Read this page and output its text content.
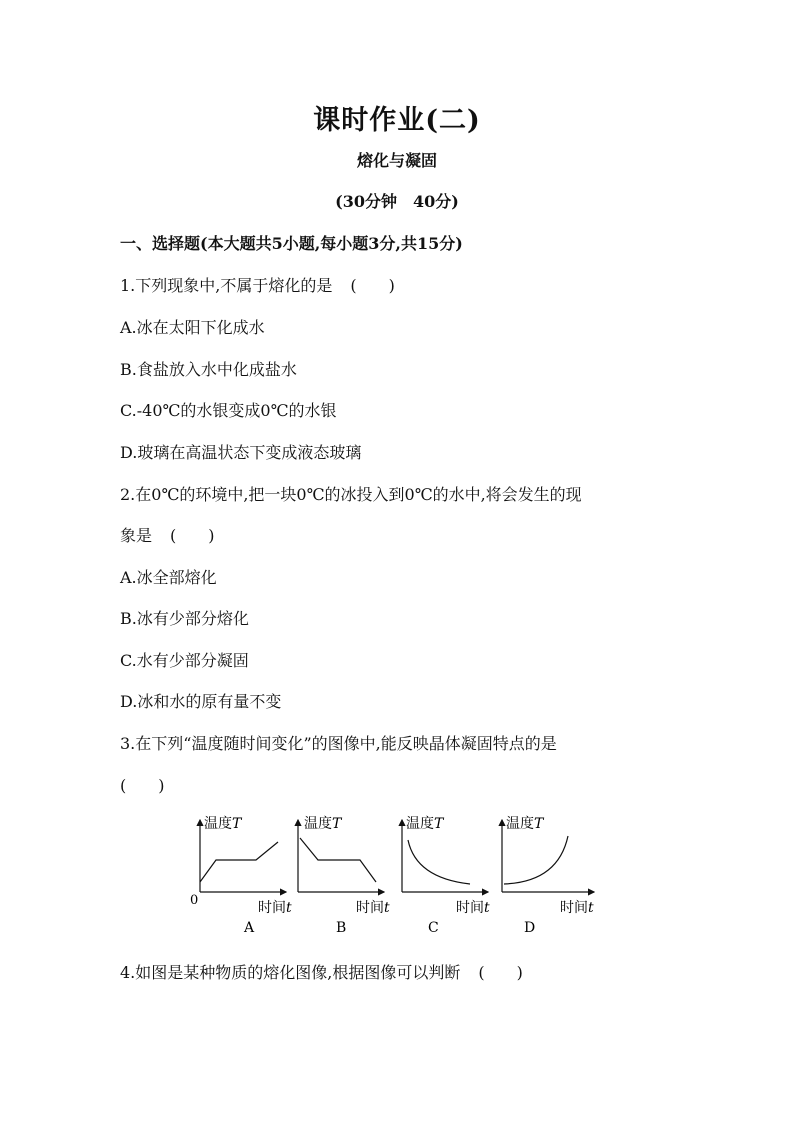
课时作业(二)
熔化与凝固
(30分钟　40分)
一、选择题(本大题共5小题,每小题3分,共15分)
1.下列现象中,不属于熔化的是 (　　)
A.冰在太阳下化成水
B.食盐放入水中化成盐水
C.-40℃的水银变成0℃的水银
D.玻璃在高温状态下变成液态玻璃
2.在0℃的环境中,把一块0℃的冰投入到0℃的水中,将会发生的现
象是 (　　)
A.冰全部熔化
B.冰有少部分熔化
C.水有少部分凝固
D.冰和水的原有量不变
3.在下列“温度随时间变化”的图像中,能反映晶体凝固特点的是
(　　)
温度T
0	时间t
A
温度T
时间t
B
温度T
时间t
C
温度T
时间t
D
4.如图是某种物质的熔化图像,根据图像可以判断 (　　)
